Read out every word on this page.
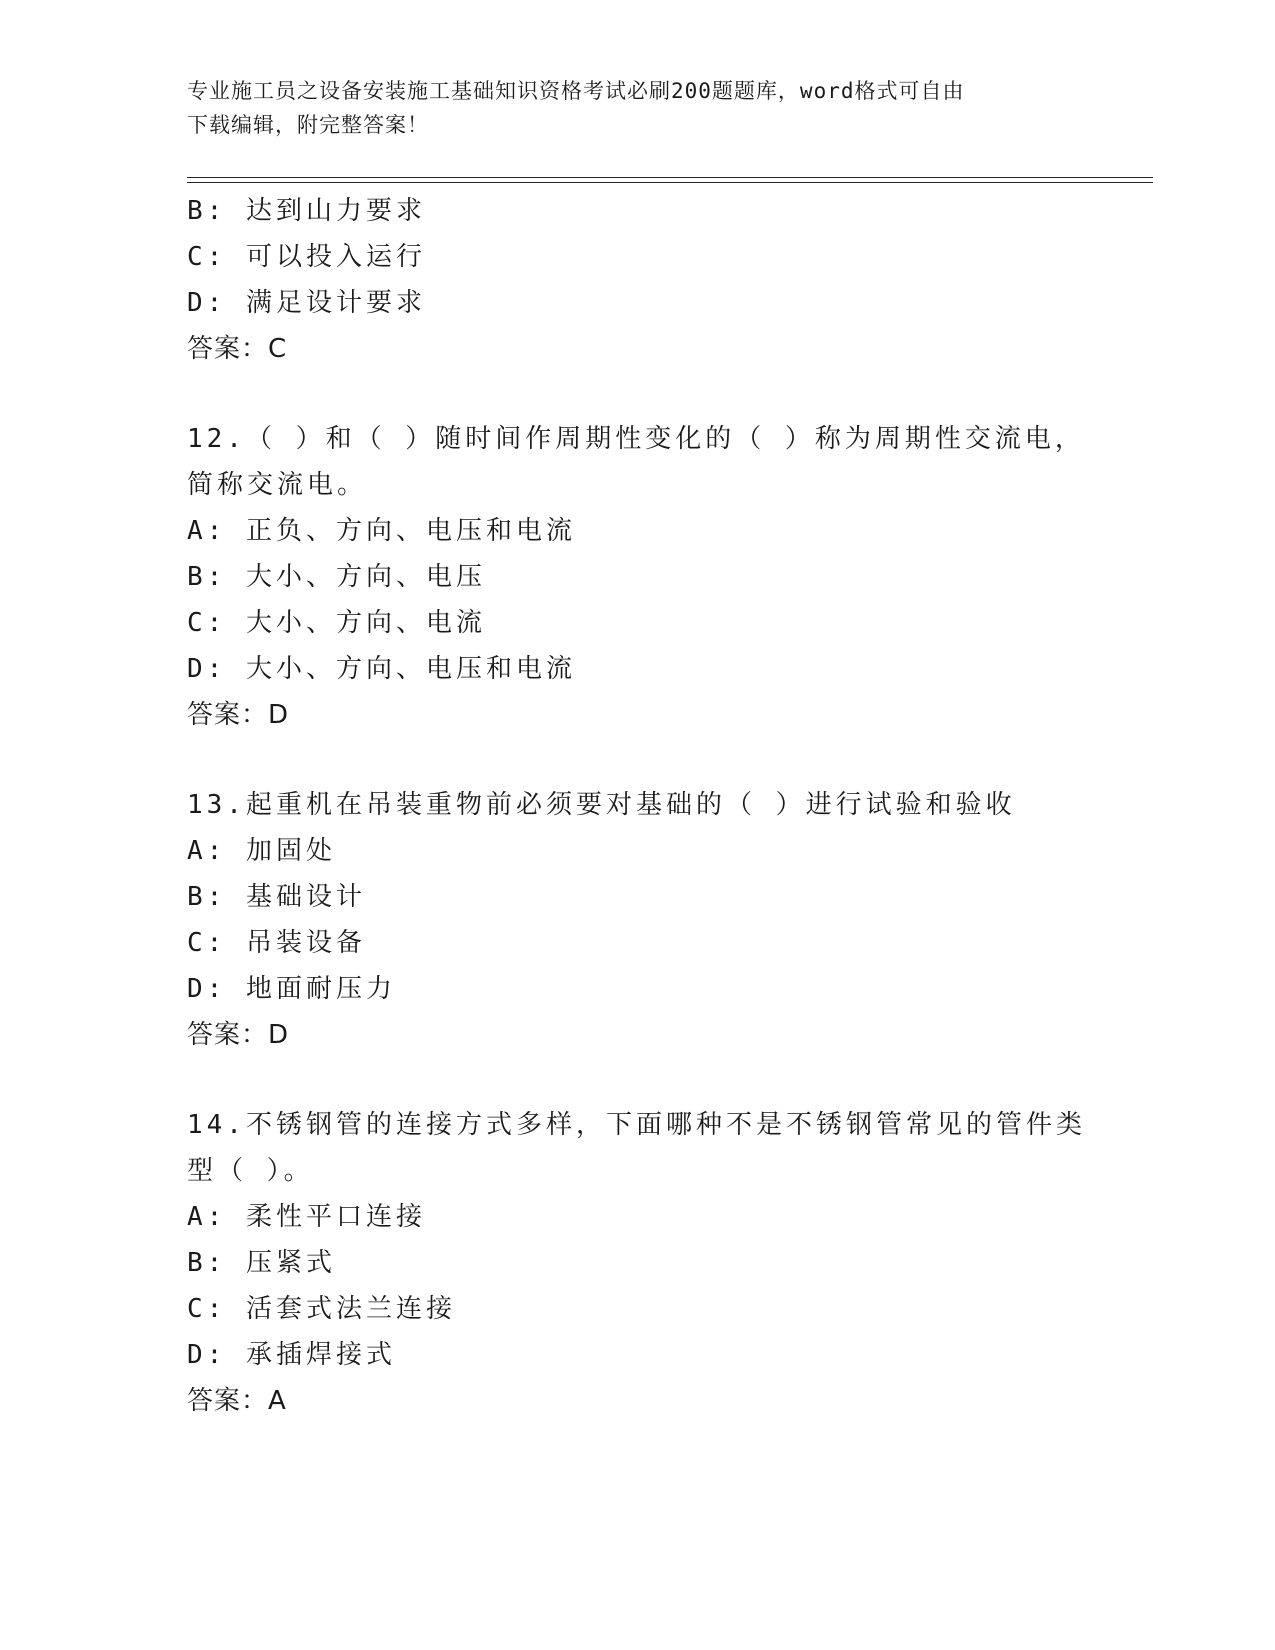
专业施工员之设备安装施工基础知识资格考试必刷200题题库，word格式可自由
下载编辑，附完整答案！
B: 达到山力要求
C: 可以投入运行
D: 满足设计要求
答案：C
12.（ ）和（ ）随时间作周期性变化的（ ）称为周期性交流电，简称交流电。
A: 正负、方向、电压和电流
B: 大小、方向、电压
C: 大小、方向、电流
D: 大小、方向、电压和电流
答案：D
13.起重机在吊装重物前必须要对基础的（ ）进行试验和验收
A: 加固处
B: 基础设计
C: 吊装设备
D: 地面耐压力
答案：D
14.不锈钢管的连接方式多样，下面哪种不是不锈钢管常见的管件类型（ ）。
A: 柔性平口连接
B: 压紧式
C: 活套式法兰连接
D: 承插焊接式
答案：A
